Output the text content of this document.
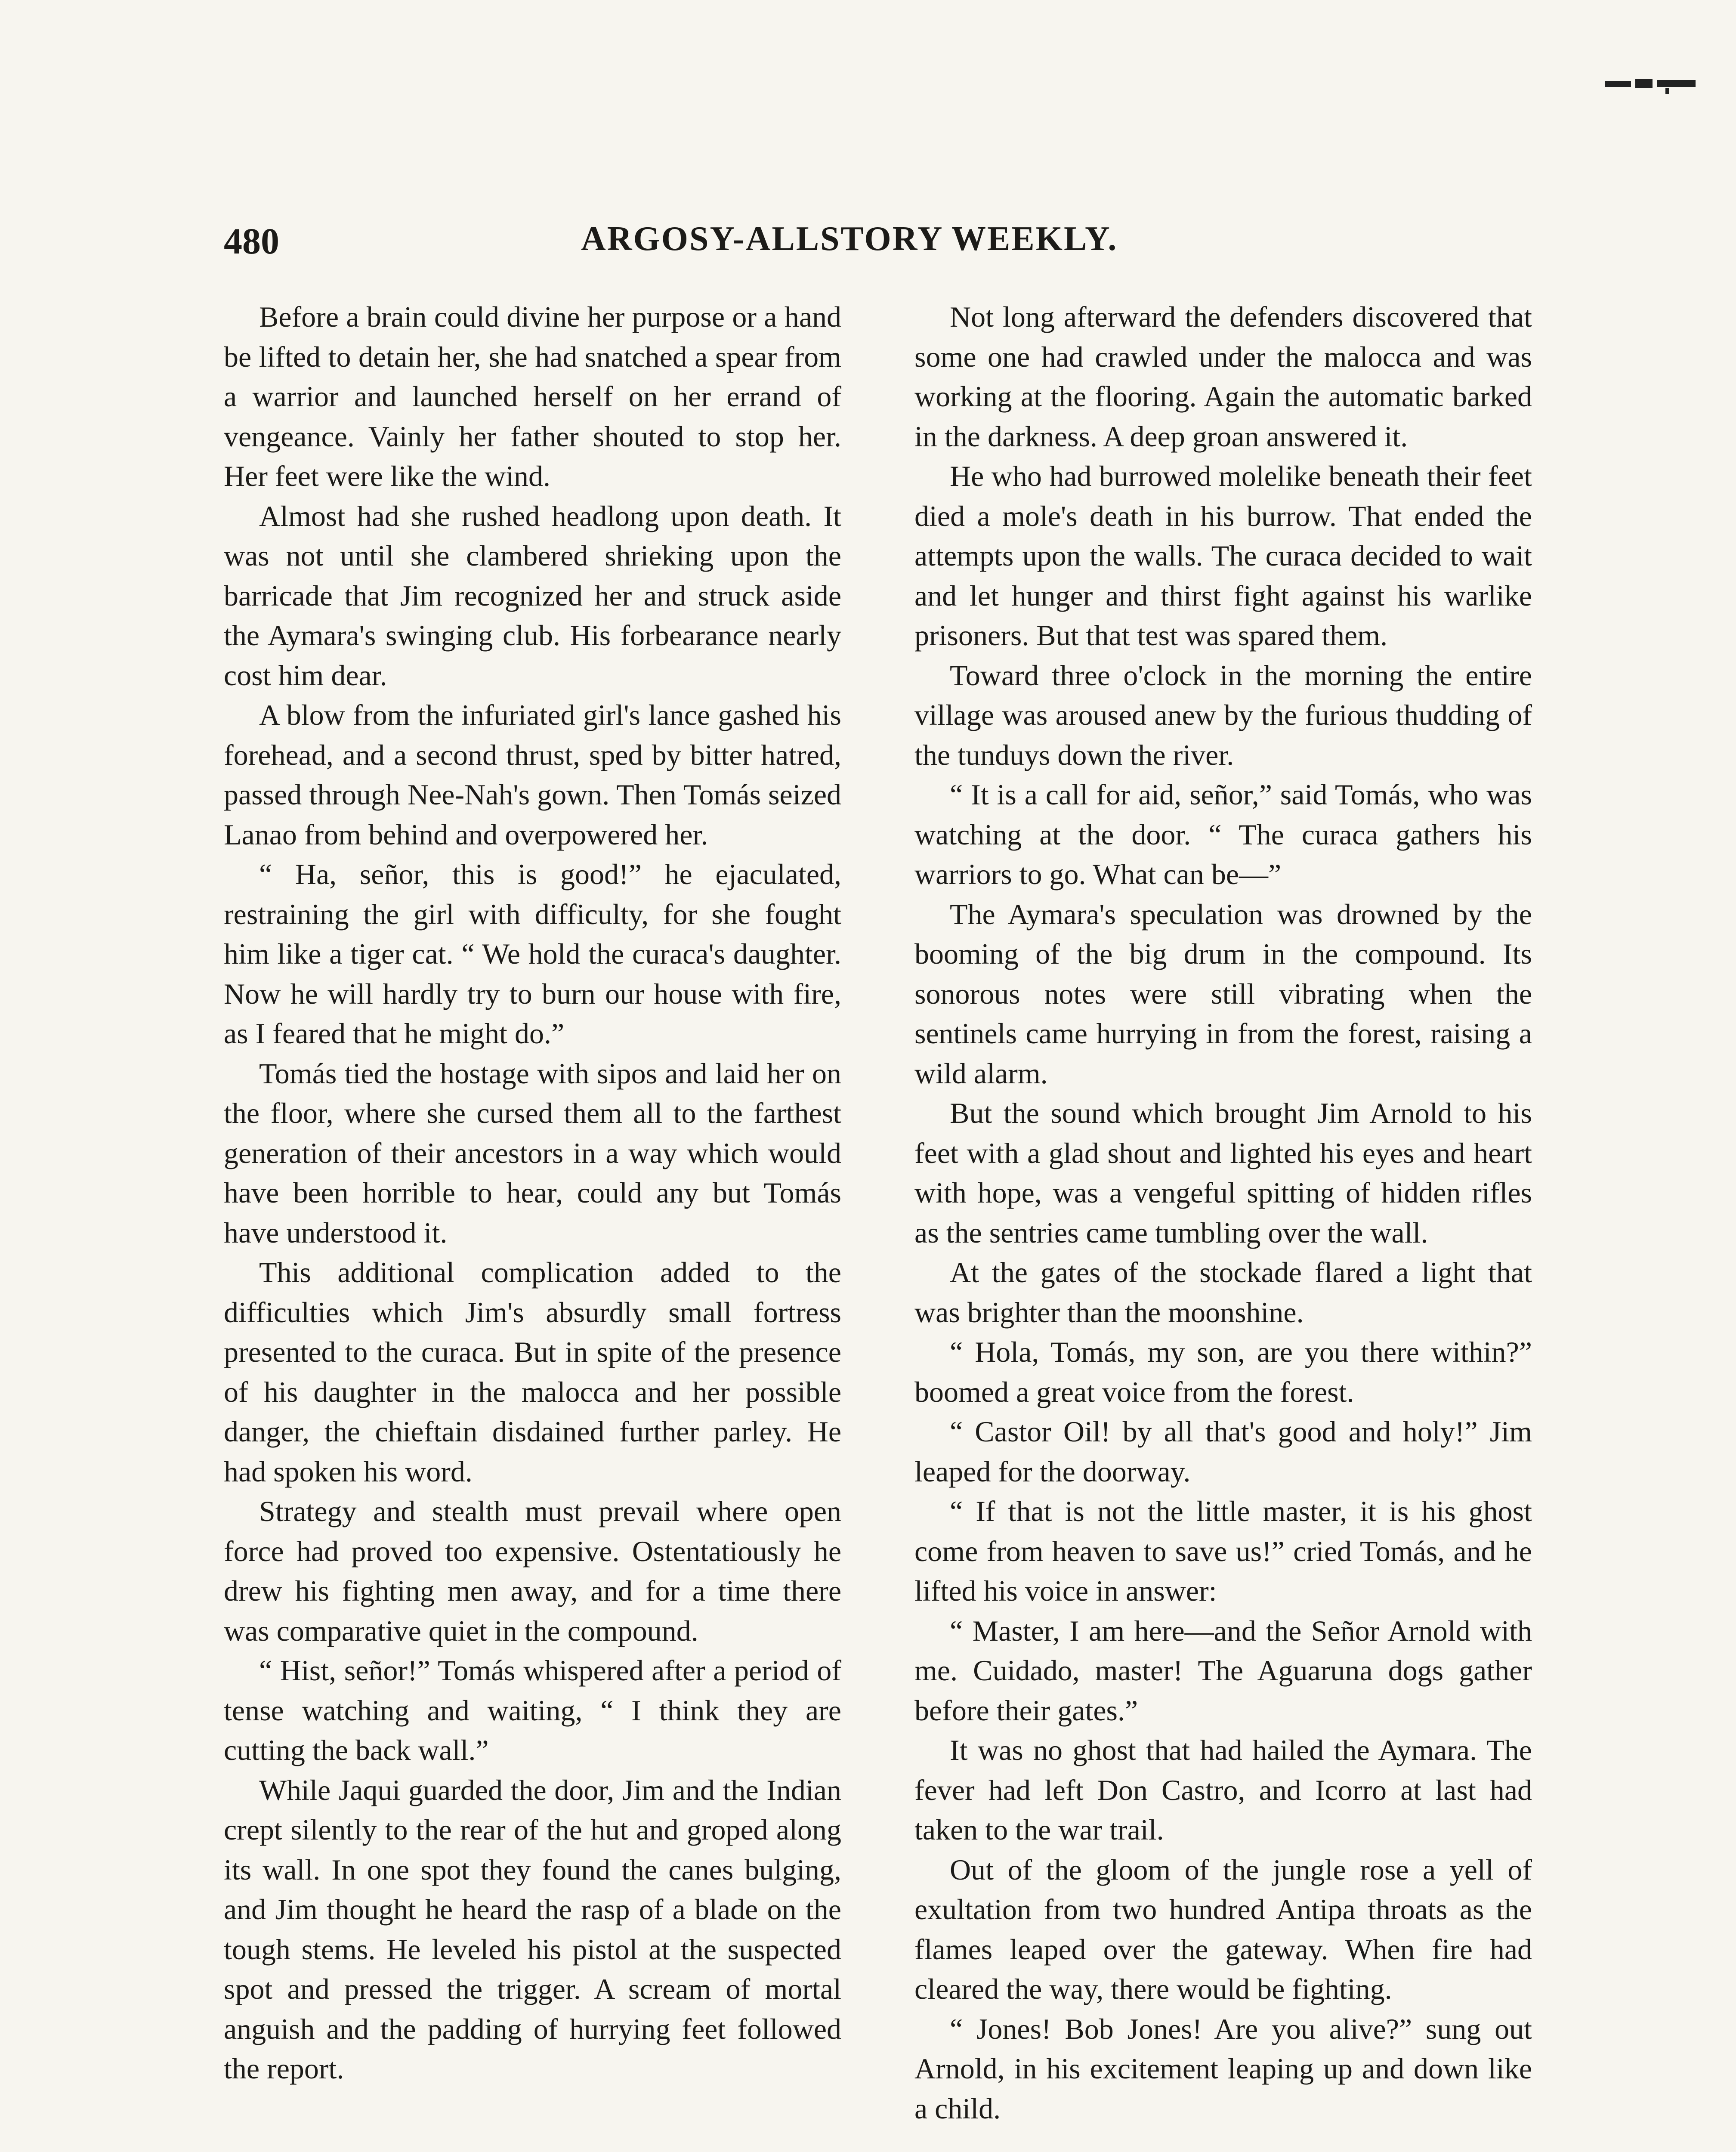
480	ARGOSY-ALLSTORY WEEKLY.

Before a brain could divine her purpose or a hand be lifted to detain her, she had snatched a spear from a warrior and launched herself on her errand of vengeance. Vainly her father shouted to stop her. Her feet were like the wind.

Almost had she rushed headlong upon death. It was not until she clambered shrieking upon the barricade that Jim recognized her and struck aside the Aymara's swinging club. His forbearance nearly cost him dear.

A blow from the infuriated girl's lance gashed his forehead, and a second thrust, sped by bitter hatred, passed through Nee-Nah's gown. Then Tomás seized Lanao from behind and overpowered her.

“ Ha, señor, this is good!” he ejaculated, restraining the girl with difficulty, for she fought him like a tiger cat. “ We hold the curaca's daughter. Now he will hardly try to burn our house with fire, as I feared that he might do.”

Tomás tied the hostage with sipos and laid her on the floor, where she cursed them all to the farthest generation of their ancestors in a way which would have been horrible to hear, could any but Tomás have understood it.

This additional complication added to the difficulties which Jim's absurdly small fortress presented to the curaca. But in spite of the presence of his daughter in the malocca and her possible danger, the chieftain disdained further parley. He had spoken his word.

Strategy and stealth must prevail where open force had proved too expensive. Ostentatiously he drew his fighting men away, and for a time there was comparative quiet in the compound.

“ Hist, señor!” Tomás whispered after a period of tense watching and waiting, “ I think they are cutting the back wall.”

While Jaqui guarded the door, Jim and the Indian crept silently to the rear of the hut and groped along its wall. In one spot they found the canes bulging, and Jim thought he heard the rasp of a blade on the tough stems. He leveled his pistol at the suspected spot and pressed the trigger. A scream of mortal anguish and the padding of hurrying feet followed the report.

Not long afterward the defenders discovered that some one had crawled under the malocca and was working at the flooring. Again the automatic barked in the darkness. A deep groan answered it.

He who had burrowed molelike beneath their feet died a mole's death in his burrow. That ended the attempts upon the walls. The curaca decided to wait and let hunger and thirst fight against his warlike prisoners. But that test was spared them.

Toward three o'clock in the morning the entire village was aroused anew by the furious thudding of the tunduys down the river.

“ It is a call for aid, señor,” said Tomás, who was watching at the door. “ The curaca gathers his warriors to go. What can be—”

The Aymara's speculation was drowned by the booming of the big drum in the compound. Its sonorous notes were still vibrating when the sentinels came hurrying in from the forest, raising a wild alarm.

But the sound which brought Jim Arnold to his feet with a glad shout and lighted his eyes and heart with hope, was a vengeful spitting of hidden rifles as the sentries came tumbling over the wall.

At the gates of the stockade flared a light that was brighter than the moonshine.

“ Hola, Tomás, my son, are you there within?” boomed a great voice from the forest.

“ Castor Oil! by all that's good and holy!” Jim leaped for the doorway.

“ If that is not the little master, it is his ghost come from heaven to save us!” cried Tomás, and he lifted his voice in answer:

“ Master, I am here—and the Señor Arnold with me. Cuidado, master! The Aguaruna dogs gather before their gates.”

It was no ghost that had hailed the Aymara. The fever had left Don Castro, and Icorro at last had taken to the war trail.

Out of the gloom of the jungle rose a yell of exultation from two hundred Antipa throats as the flames leaped over the gateway. When fire had cleared the way, there would be fighting.

“ Jones! Bob Jones! Are you alive?” sung out Arnold, in his excitement leaping up and down like a child.
